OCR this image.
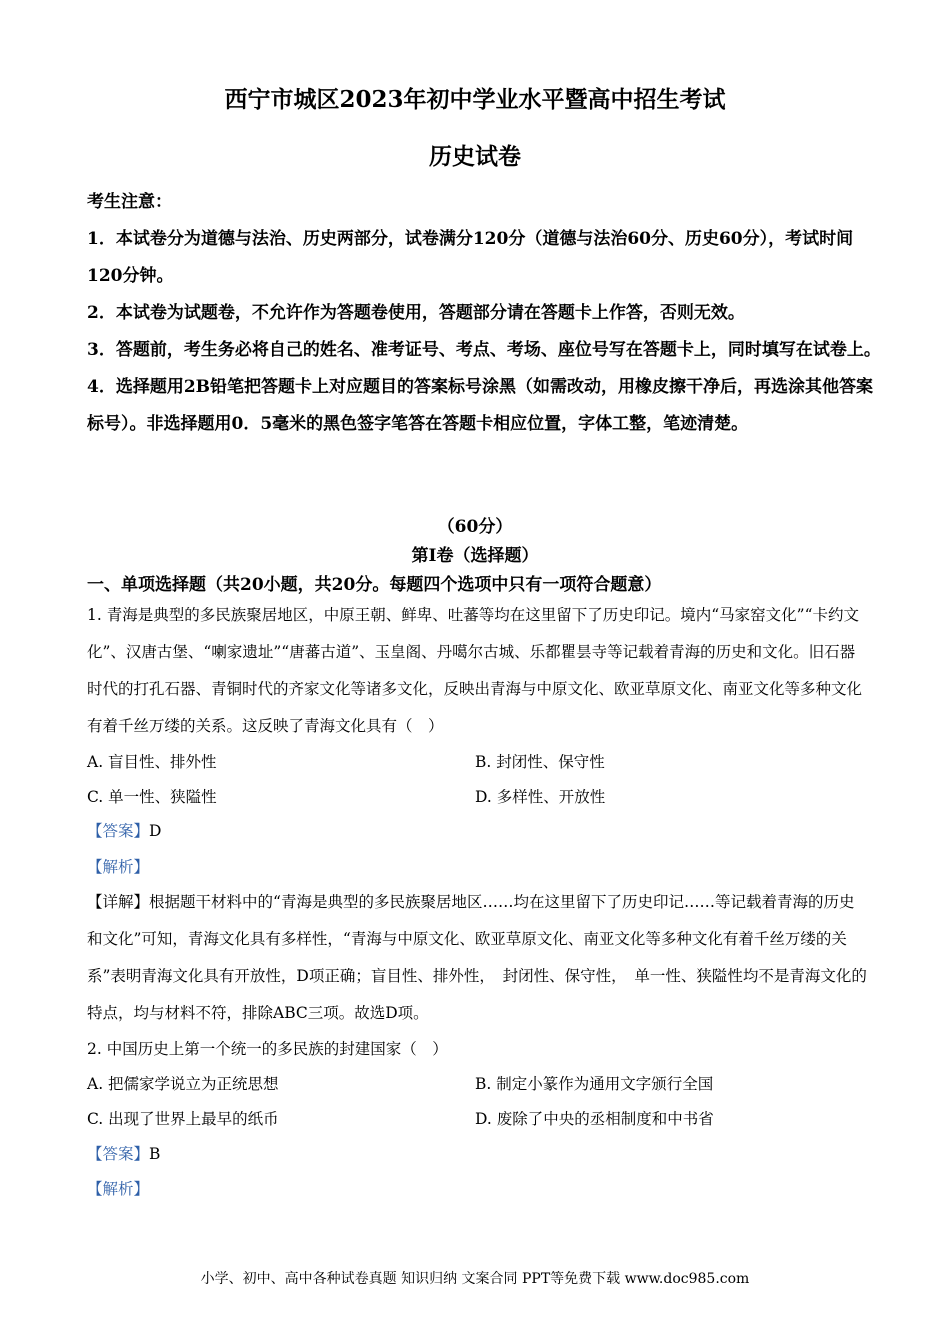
西宁市城区2023年初中学业水平暨高中招生考试
历史试卷

考生注意：

1．本试卷分为道德与法治、历史两部分，试卷满分120分（道德与法治60分、历史60分），考试时间120分钟。

2．本试卷为试题卷，不允许作为答题卷使用，答题部分请在答题卡上作答，否则无效。

3．答题前，考生务必将自己的姓名、准考证号、考点、考场、座位号写在答题卡上，同时填写在试卷上。

4．选择题用2B铅笔把答题卡上对应题目的答案标号涂黑（如需改动，用橡皮擦干净后，再选涂其他答案标号）。非选择题用0．5毫米的黑色签字笔答在答题卡相应位置，字体工整，笔迹清楚。

（60分）
第Ⅰ卷（选择题）
一、单项选择题（共20小题，共20分。每题四个选项中只有一项符合题意）

1. 青海是典型的多民族聚居地区，中原王朝、鲜卑、吐蕃等均在这里留下了历史印记。境内“马家窑文化”“卡约文化”、汉唐古堡、“喇家遗址”“唐蕃古道”、玉皇阁、丹噶尔古城、乐都瞿昙寺等记载着青海的历史和文化。旧石器时代的打孔石器、青铜时代的齐家文化等诸多文化，反映出青海与中原文化、欧亚草原文化、南亚文化等多种文化有着千丝万缕的关系。这反映了青海文化具有（　）

A. 盲目性、排外性	B. 封闭性、保守性
C. 单一性、狭隘性	D. 多样性、开放性
【答案】D
【解析】

【详解】根据题干材料中的“青海是典型的多民族聚居地区……均在这里留下了历史印记……等记载着青海的历史和文化”可知，青海文化具有多样性，“青海与中原文化、欧亚草原文化、南亚文化等多种文化有着千丝万缕的关系”表明青海文化具有开放性，D项正确；盲目性、排外性，　封闭性、保守性，　单一性、狭隘性均不是青海文化的特点，均与材料不符，排除ABC三项。故选D项。

2. 中国历史上第一个统一的多民族的封建国家（　）
A. 把儒家学说立为正统思想	B. 制定小篆作为通用文字颁行全国
C. 出现了世界上最早的纸币	D. 废除了中央的丞相制度和中书省
【答案】B
【解析】
小学、初中、高中各种试卷真题 知识归纳 文案合同 PPT等免费下载 www.doc985.com
